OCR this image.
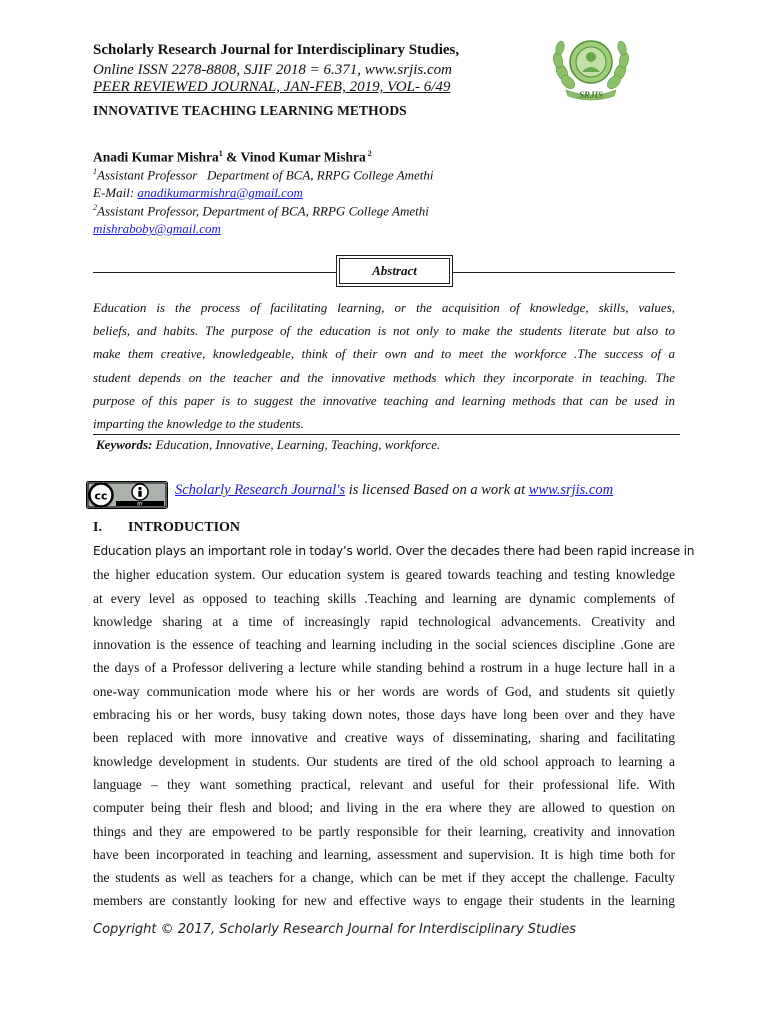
Scholarly Research Journal for Interdisciplinary Studies,
Online ISSN 2278-8808, SJIF 2018 = 6.371, www.srjis.com
PEER REVIEWED JOURNAL, JAN-FEB, 2019, VOL- 6/49	SRJIS
INNOVATIVE TEACHING LEARNING METHODS
Anadi Kumar Mishra$^1$ & Vinod Kumar Mishra $^2$
$^1$Assistant Professor   Department of BCA, RRPG College Amethi
E-Mail: anadikumarmishra@gmail.com
$^2$Assistant Professor, Department of BCA, RRPG College Amethi
mishraboby@gmail.com
Abstract
Education is the process of facilitating learning, or the acquisition of knowledge, skills, values,
beliefs, and habits. The purpose of the education is not only to make the students literate but also to
make them creative, knowledgeable, think of their own and to meet the workforce .The success of a
student depends on the teacher and the innovative methods which they incorporate in teaching. The
purpose of this paper is to suggest the innovative teaching and learning methods that can be used in
imparting the knowledge to the students.
Keywords: Education, Innovative, Learning, Teaching, workforce.
cc
BY
Scholarly Research Journal's is licensed Based on a work at www.srjis.com
I. INTRODUCTION
Education plays an important role in today’s world. Over the decades there had been rapid increase in
the higher education system. Our education system is geared towards teaching and testing knowledge
at every level as opposed to teaching skills .Teaching and learning are dynamic complements of
knowledge sharing at a time of increasingly rapid technological advancements. Creativity and
innovation is the essence of teaching and learning including in the social sciences discipline .Gone are
the days of a Professor delivering a lecture while standing behind a rostrum in a huge lecture hall in a
one-way communication mode where his or her words are words of God, and students sit quietly
embracing his or her words, busy taking down notes, those days have long been over and they have
been replaced with more innovative and creative ways of disseminating, sharing and facilitating
knowledge development in students. Our students are tired of the old school approach to learning a
language – they want something practical, relevant and useful for their professional life. With
computer being their flesh and blood; and living in the era where they are allowed to question on
things and they are empowered to be partly responsible for their learning, creativity and innovation
have been incorporated in teaching and learning, assessment and supervision. It is high time both for
the students as well as teachers for a change, which can be met if they accept the challenge. Faculty
members are constantly looking for new and effective ways to engage their students in the learning
Copyright © 2017, Scholarly Research Journal for Interdisciplinary Studies
